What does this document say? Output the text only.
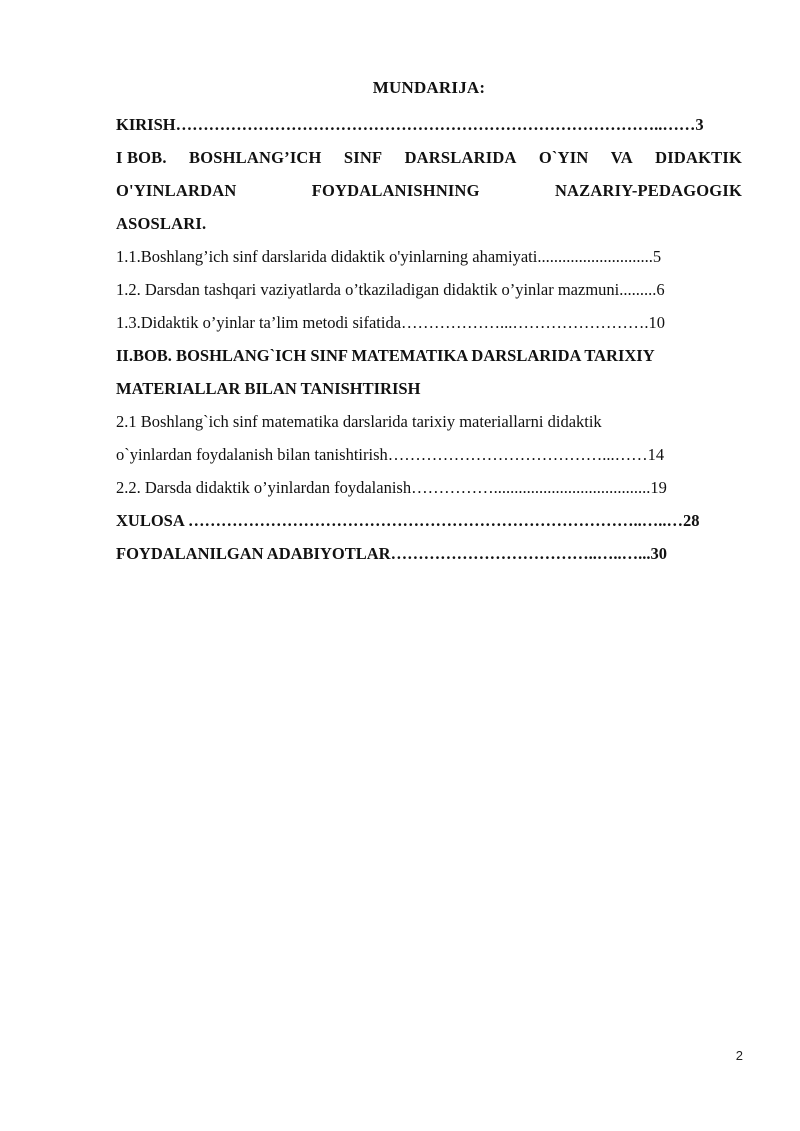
MUNDARIJA:
KIRISH……………………………………………………………………………..……3
I BOB. BOSHLANG’ICH SINF DARSLARIDA O`YIN VA DIDAKTIK
O'YINLARDAN	FOYDALANISHNING	NAZARIY-PEDAGOGIK
ASOSLARI.
1.1.Boshlang’ich sinf darslarida didaktik o'yinlarning ahamiyati............................5
1.2. Darsdan tashqari vaziyatlarda o’tkaziladigan didaktik o’yinlar mazmuni.........6
1.3.Didaktik o’yinlar ta’lim metodi sifatida………………...…………………….10
II.BOB. BOSHLANG`ICH SINF MATEMATIKA DARSLARIDA TARIXIY
MATERIALLAR BILAN TANISHTIRISH
2.1 Boshlang`ich sinf matematika darslarida tarixiy materiallarni didaktik
o`yinlardan foydalanish bilan tanishtirish…………………………………...……14
2.2. Darsda didaktik o’yinlardan foydalanish……………......................................19
XULOSA ………………………………………………………………………..…..…28
FOYDALANILGAN ADABIYOTLAR………………………………..…..…...30
2
